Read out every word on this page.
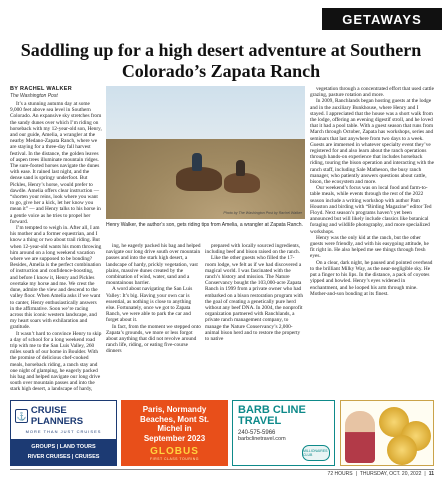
GETAWAYS
Saddling up for a high desert adventure at Southern Colorado’s Zapata Ranch
BY RACHEL WALKER
The Washington Post

It’s a stunning autumn day at some 9,000 feet above sea level in Southern Colorado. An expansive sky stretches from the sandy dunes over which I’m riding on horseback with my 12-year-old son, Henry, and our guide, Amelia, a wrangler at the nearby Medano-Zapata Ranch, where we are staying for a three-day fall harvest festival. In the distance, the golden leaves of aspen trees illuminate mountain ridges. The sure-footed horses navigate the dunes with ease. It rained last night, and the dense sand is springy underfoot. But Pickles, Henry’s horse, would prefer to dawdle. Amelia offers clear instruction — “shorten your reins, look where you want to go, give her a kick, let her know you mean it” — and Henry talks to his horse in a gentle voice as he tries to propel her forward.

I’m tempted to weigh in. After all, I am his mother and a former equestrian, and I know a thing or two about trail riding. But when 12-year-old wants his mom throwing him around on a long weekend vacation where we are supposed to be bonding? Besides, Amelia is the perfect combination of instruction and confidence-boosting, and before I know it, Henry and Pickles overtake my horse and me. We crest the dune, admire the view and descend to the valley floor. When Amelia asks if we want to canter, Henry enthusiastically answers in the affirmative. Soon we’re racing across this iconic western landscape, and my heart soars with exhilaration and gratitude.

It wasn’t hard to convince Henry to skip a day of school for a long weekend road trip with me to the San Luis Valley, 260 miles south of our home in Boulder. With the promise of delicious chef-cooked meals, horseback riding, a ranch stay and one night of glamping, he eagerly packed his bag and helped navigate our long drive south over mountain passes and into the stark high desert, a landscape of hardy,

Photo by The Washington Post by Rachel Walker
Henry Walker, the author’s son, gets riding tips from Amelia, a wrangler at Zapata Ranch.

ing, he eagerly packed his bag and helped navigate our long drive south over mountain passes and into the stark high desert, a landscape of hardy, prickly vegetation, vast plains, massive dunes created by the combination of wind, water, sand and a mountainous barrier.

A word about navigating the San Luis Valley: It’s big. Having your own car is essential, as nothing is close to anything else. Fortunately, once we got to Zapata Ranch, we were able to park the car and forget about it.

In fact, from the moment we stepped onto Zapata’s grounds, we more or less forgot about anything that did not revolve around ranch life, riding, or eating five-course dinners

prepared with locally sourced ingredients, including beef and bison raised on the ranch.

Like the other guests who filled the 17-room lodge, we felt as if we had discovered a magical world. I was fascinated with the ranch’s history and mission. The Nature Conservancy bought the 103,000-acre Zapata Ranch in 1999 from a private owner who had embarked on a bison restoration program with the goal of creating a genetically pure herd without any beef DNA. In 2004, the nonprofit organization partnered with Ranchlands, a private ranch management company, to manage the Nature Conservancy’s 2,000-animal bison herd and to restore the property to native

vegetation through a concentrated effort that used cattle grazing, pasture rotation and more.

In 2009, Ranchlands began hosting guests at the lodge and in the auxiliary Bunkhouse, where Henry and I stayed. I appreciated that the house was a short walk from the lodge, offering an evening digestif stroll, and he loved that it had a pool table. With a guest season that runs from March through October, Zapata has workshops, series and seminars that last anywhere from two days to a week. Guests are immersed in whatever specialty event they’ve registered for and also learn about the ranch operations through hands-on experience that includes horseback riding, touring the bison operation and interacting with the ranch staff, including Sale Matheson, the busy ranch manager, who patiently answers questions about cattle, bison, the ecosystem and more.

Our weekend’s focus was on local food and farm-to-table meals, while events through the rest of the 2022 season include a writing workshop with author Pam Houston and birding with “Birding Magazine” editor Ted Floyd. Next season’s programs haven’t yet been announced but will likely include classics like botanical foraging and wildlife photography, and more specialized workshops.

Henry was the only kid at the ranch, but the other guests were friendly, and with his easygoing attitude, he fit right in. He also helped me see things through fresh eyes.

On a clear, dark night, he paused and pointed overhead to the brilliant Milky Way, as the near-negligible sky. He put a finger to his lips. In the distance, a pack of coyotes yipped and howled. Henry’s eyes widened in enchantment, and he looped his arm through mine. Mother-and-son bonding at its finest.

⚓ CRUISE PLANNERS
MORE THAN JUST CRUISES
GROUPS | LAND TOURS
RIVER CRUISES | CRUISES
Paris, Normandy
Beaches, Mont St.
Michel in
September 2023
GLOBUS
FIRST CLASS TOURING
BARB CLINE
TRAVEL
240-575-5966
barbclinetravel.com
MILLIONAIRES CLUB
72 HOURS | THURSDAY, OCT. 20, 2022 | 11
